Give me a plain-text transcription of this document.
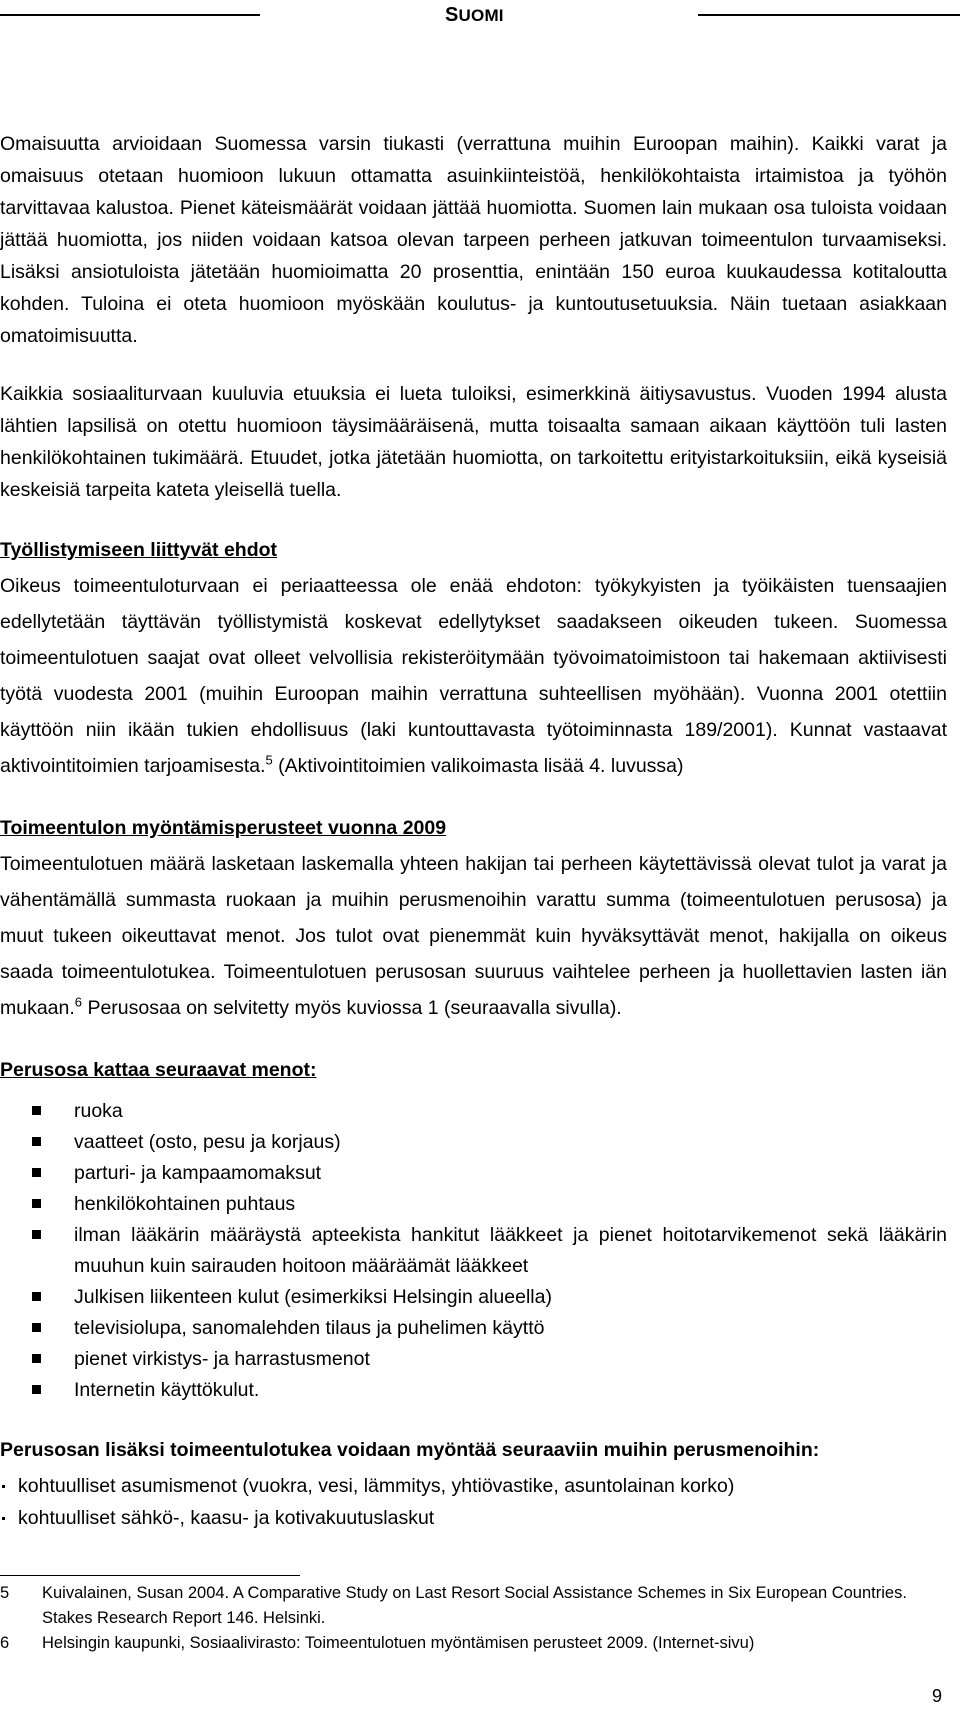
SUOMI

Omaisuutta arvioidaan Suomessa varsin tiukasti (verrattuna muihin Euroopan maihin). Kaikki varat ja omaisuus otetaan huomioon lukuun ottamatta asuinkiinteistöä, henkilökohtaista irtaimistoa ja työhön tarvittavaa kalustoa. Pienet käteismäärät voidaan jättää huomiotta. Suomen lain mukaan osa tuloista voidaan jättää huomiotta, jos niiden voidaan katsoa olevan tarpeen perheen jatkuvan toimeentulon turvaamiseksi. Lisäksi ansiotuloista jätetään huomioimatta 20 prosenttia, enintään 150 euroa kuukaudessa kotitaloutta kohden. Tuloina ei oteta huomioon myöskään koulutus- ja kuntoutusetuuksia. Näin tuetaan asiakkaan omatoimisuutta.

Kaikkia sosiaaliturvaan kuuluvia etuuksia ei lueta tuloiksi, esimerkkinä äitiysavustus. Vuoden 1994 alusta lähtien lapsilisä on otettu huomioon täysimääräisenä, mutta toisaalta samaan aikaan käyttöön tuli lasten henkilökohtainen tukimäärä. Etuudet, jotka jätetään huomiotta, on tarkoitettu erityistarkoituksiin, eikä kyseisiä keskeisiä tarpeita kateta yleisellä tuella.

Työllistymiseen liittyvät ehdot

Oikeus toimeentuloturvaan ei periaatteessa ole enää ehdoton: työkykyisten ja työikäisten tuensaajien edellytetään täyttävän työllistymistä koskevat edellytykset saadakseen oikeuden tukeen. Suomessa toimeentulotuen saajat ovat olleet velvollisia rekisteröitymään työvoimatoimistoon tai hakemaan aktiivisesti työtä vuodesta 2001 (muihin Euroopan maihin verrattuna suhteellisen myöhään). Vuonna 2001 otettiin käyttöön niin ikään tukien ehdollisuus (laki kuntouttavasta työtoiminnasta 189/2001). Kunnat vastaavat aktivointitoimien tarjoamisesta.$^5$ (Aktivointitoimien valikoimasta lisää 4. luvussa)

Toimeentulon myöntämisperusteet vuonna 2009

Toimeentulotuen määrä lasketaan laskemalla yhteen hakijan tai perheen käytettävissä olevat tulot ja varat ja vähentämällä summasta ruokaan ja muihin perusmenoihin varattu summa (toimeentulotuen perusosa) ja muut tukeen oikeuttavat menot. Jos tulot ovat pienemmät kuin hyväksyttävät menot, hakijalla on oikeus saada toimeentulotukea. Toimeentulotuen perusosan suuruus vaihtelee perheen ja huollettavien lasten iän mukaan.$^6$ Perusosaa on selvitetty myös kuviossa 1 (seuraavalla sivulla).

Perusosa kattaa seuraavat menot:
ruoka
vaatteet (osto, pesu ja korjaus)
parturi- ja kampaamomaksut
henkilökohtainen puhtaus
ilman lääkärin määräystä apteekista hankitut lääkkeet ja pienet hoitotarvikemenot sekä lääkärin muuhun kuin sairauden hoitoon määräämät lääkkeet
Julkisen liikenteen kulut (esimerkiksi Helsingin alueella)
televisiolupa, sanomalehden tilaus ja puhelimen käyttö
pienet virkistys- ja harrastusmenot
Internetin käyttökulut.
Perusosan lisäksi toimeentulotukea voidaan myöntää seuraaviin muihin perusmenoihin:
kohtuulliset asumismenot (vuokra, vesi, lämmitys, yhtiövastike, asuntolainan korko)
kohtuulliset sähkö-, kaasu- ja kotivakuutuslaskut
5 Kuivalainen, Susan 2004. A Comparative Study on Last Resort Social Assistance Schemes in Six European Countries. Stakes Research Report 146. Helsinki.
6 Helsingin kaupunki, Sosiaalivirasto: Toimeentulotuen myöntämisen perusteet 2009. (Internet-sivu)
9
